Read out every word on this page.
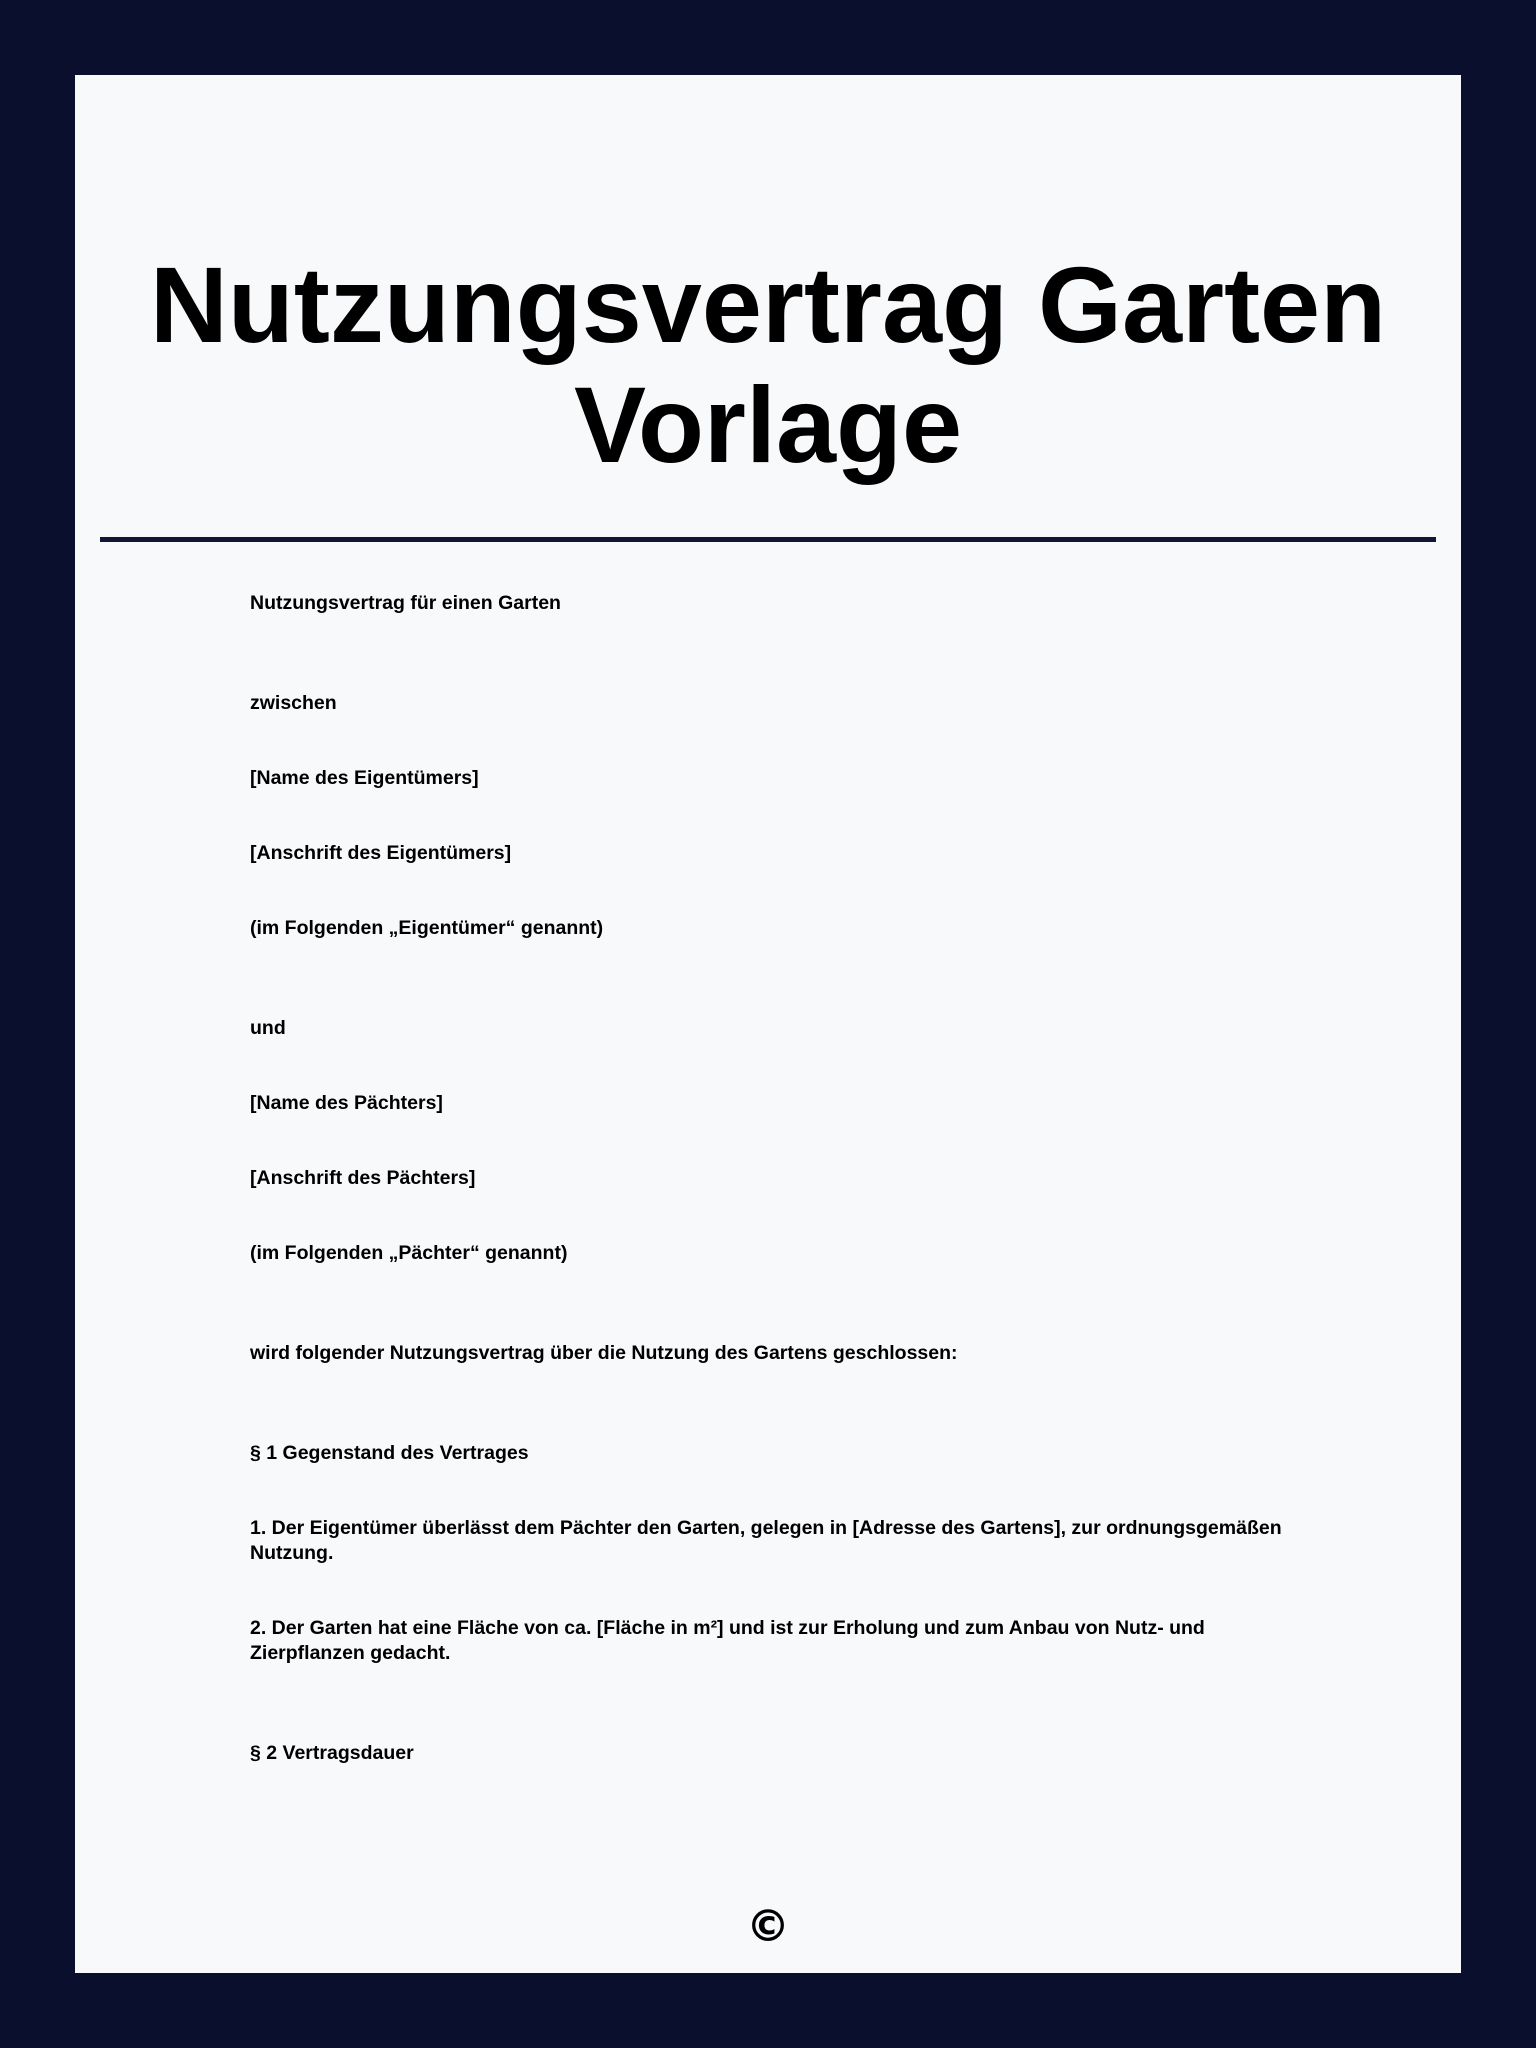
Nutzungsvertrag Garten Vorlage

Nutzungsvertrag für einen Garten

zwischen

[Name des Eigentümers]

[Anschrift des Eigentümers]

(im Folgenden „Eigentümer“ genannt)

und

[Name des Pächters]

[Anschrift des Pächters]

(im Folgenden „Pächter“ genannt)

wird folgender Nutzungsvertrag über die Nutzung des Gartens geschlossen:

§ 1 Gegenstand des Vertrages

1. Der Eigentümer überlässt dem Pächter den Garten, gelegen in [Adresse des Gartens], zur ordnungsgemäßen Nutzung.

2. Der Garten hat eine Fläche von ca. [Fläche in m²] und ist zur Erholung und zum Anbau von Nutz- und Zierpflanzen gedacht.

§ 2 Vertragsdauer

©
